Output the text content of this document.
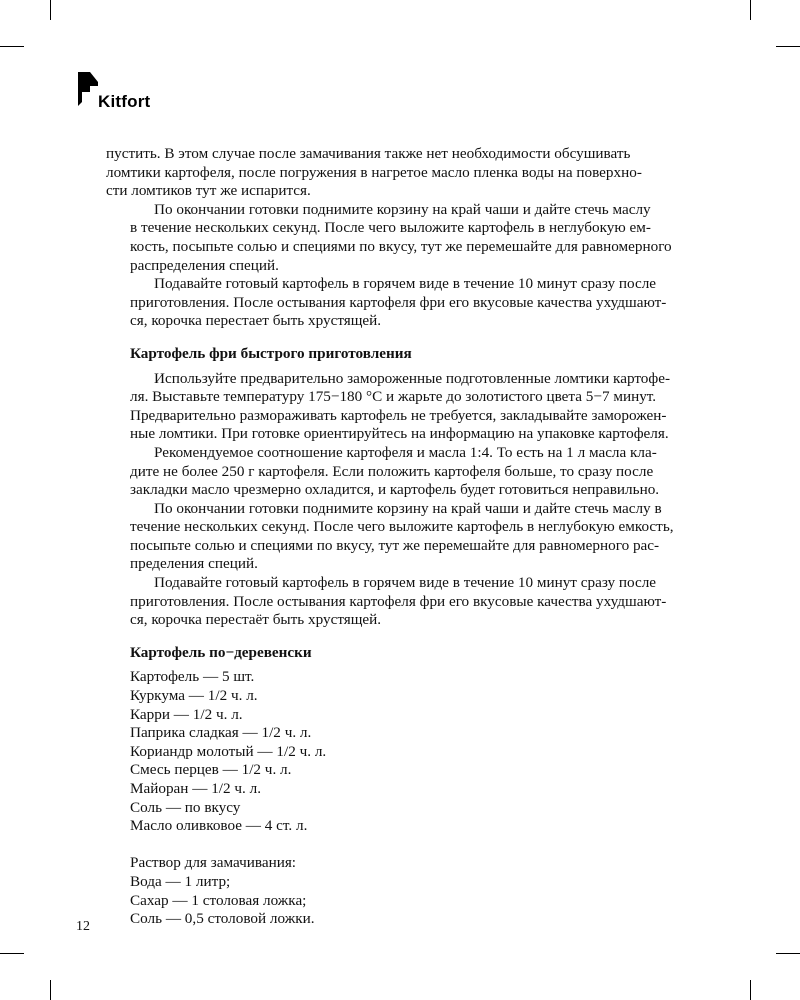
Kitfort

пустить. В этом случае после замачивания также нет необходимости обсушивать
ломтики картофеля, после погружения в нагретое масло пленка воды на поверхно-
сти ломтиков тут же испарится.

По окончании готовки поднимите корзину на край чаши и дайте стечь маслу
в течение нескольких секунд. После чего выложите картофель в неглубокую ем-
кость, посыпьте солью и специями по вкусу, тут же перемешайте для равномерного
распределения специй.

Подавайте готовый картофель в горячем виде в течение 10 минут сразу после
приготовления. После остывания картофеля фри его вкусовые качества ухудшают-
ся, корочка перестает быть хрустящей.

Картофель фри быстрого приготовления

Используйте предварительно замороженные подготовленные ломтики картофе-
ля. Выставьте температуру 175−180 °С и жарьте до золотистого цвета 5−7 минут.
Предварительно размораживать картофель не требуется, закладывайте заморожен-
ные ломтики. При готовке ориентируйтесь на информацию на упаковке картофеля.

Рекомендуемое соотношение картофеля и масла 1:4. То есть на 1 л масла кла-
дите не более 250 г картофеля. Если положить картофеля больше, то сразу после
закладки масло чрезмерно охладится, и картофель будет готовиться неправильно.

По окончании готовки поднимите корзину на край чаши и дайте стечь маслу в
течение нескольких секунд. После чего выложите картофель в неглубокую емкость,
посыпьте солью и специями по вкусу, тут же перемешайте для равномерного рас-
пределения специй.

Подавайте готовый картофель в горячем виде в течение 10 минут сразу после
приготовления. После остывания картофеля фри его вкусовые качества ухудшают-
ся, корочка перестаёт быть хрустящей.

Картофель по−деревенски
Картофель — 5 шт.
Куркума — 1/2 ч. л.
Карри — 1/2 ч. л.
Паприка сладкая — 1/2 ч. л.
Кориандр молотый — 1/2 ч. л.
Смесь перцев — 1/2 ч. л.
Майоран — 1/2 ч. л.
Соль — по вкусу
Масло оливковое — 4 ст. л.
Раствор для замачивания:
Вода — 1 литр;
Сахар — 1 столовая ложка;
Соль — 0,5 столовой ложки.
12
